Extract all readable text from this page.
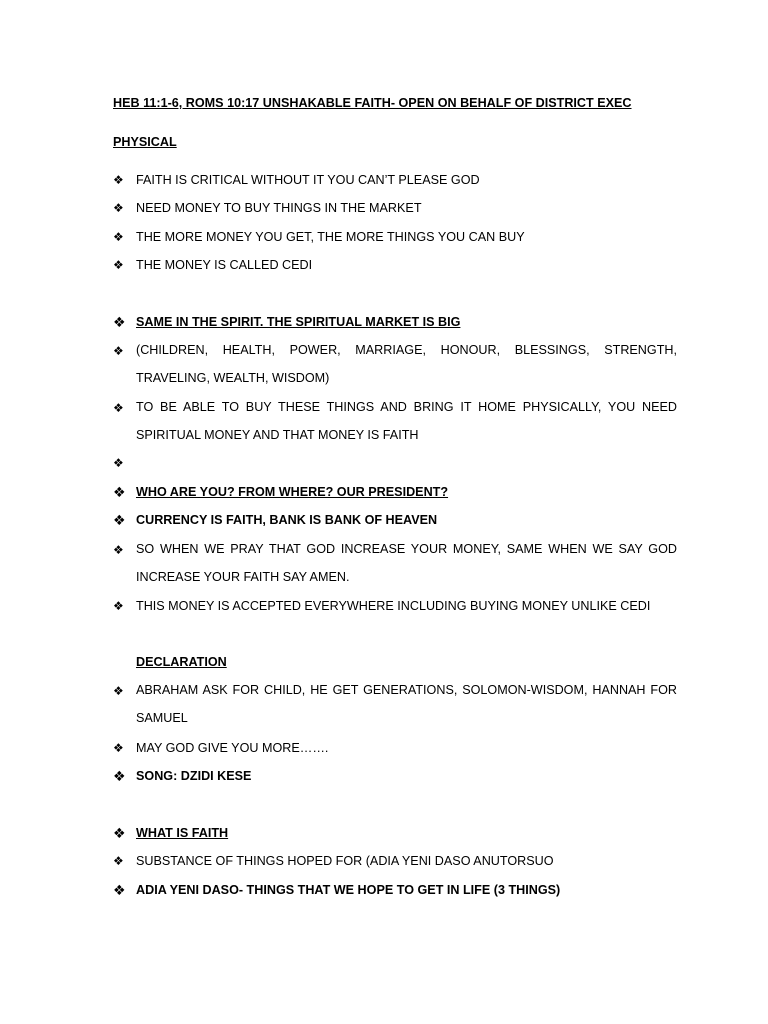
HEB 11:1-6, ROMS 10:17 UNSHAKABLE FAITH- OPEN ON BEHALF OF DISTRICT EXEC
PHYSICAL
❖ FAITH IS CRITICAL WITHOUT IT YOU CAN’T PLEASE GOD
❖ NEED MONEY TO BUY THINGS IN THE MARKET
❖ THE MORE MONEY YOU GET, THE MORE THINGS YOU CAN BUY
❖ THE MONEY IS CALLED CEDI
❖ SAME IN THE SPIRIT. THE SPIRITUAL MARKET IS BIG
❖ (CHILDREN, HEALTH, POWER, MARRIAGE, HONOUR, BLESSINGS, STRENGTH, TRAVELING, WEALTH, WISDOM)
❖ TO BE ABLE TO BUY THESE THINGS AND BRING IT HOME PHYSICALLY, YOU NEED SPIRITUAL MONEY AND THAT MONEY IS FAITH
❖
❖ WHO ARE YOU? FROM WHERE? OUR PRESIDENT?
❖ CURRENCY IS FAITH, BANK IS BANK OF HEAVEN
❖ SO WHEN WE PRAY THAT GOD INCREASE YOUR MONEY, SAME WHEN WE SAY GOD INCREASE YOUR FAITH SAY AMEN.
❖ THIS MONEY IS ACCEPTED EVERYWHERE INCLUDING BUYING MONEY UNLIKE CEDI
DECLARATION
❖ ABRAHAM ASK FOR CHILD, HE GET GENERATIONS, SOLOMON-WISDOM, HANNAH FOR SAMUEL
❖ MAY GOD GIVE YOU MORE…….
❖ SONG: DZIDI KESE
❖ WHAT IS FAITH
❖ SUBSTANCE OF THINGS HOPED FOR (ADIA YENI DASO ANUTORSUO
❖ ADIA YENI DASO- THINGS THAT WE HOPE TO GET IN LIFE (3 THINGS)
